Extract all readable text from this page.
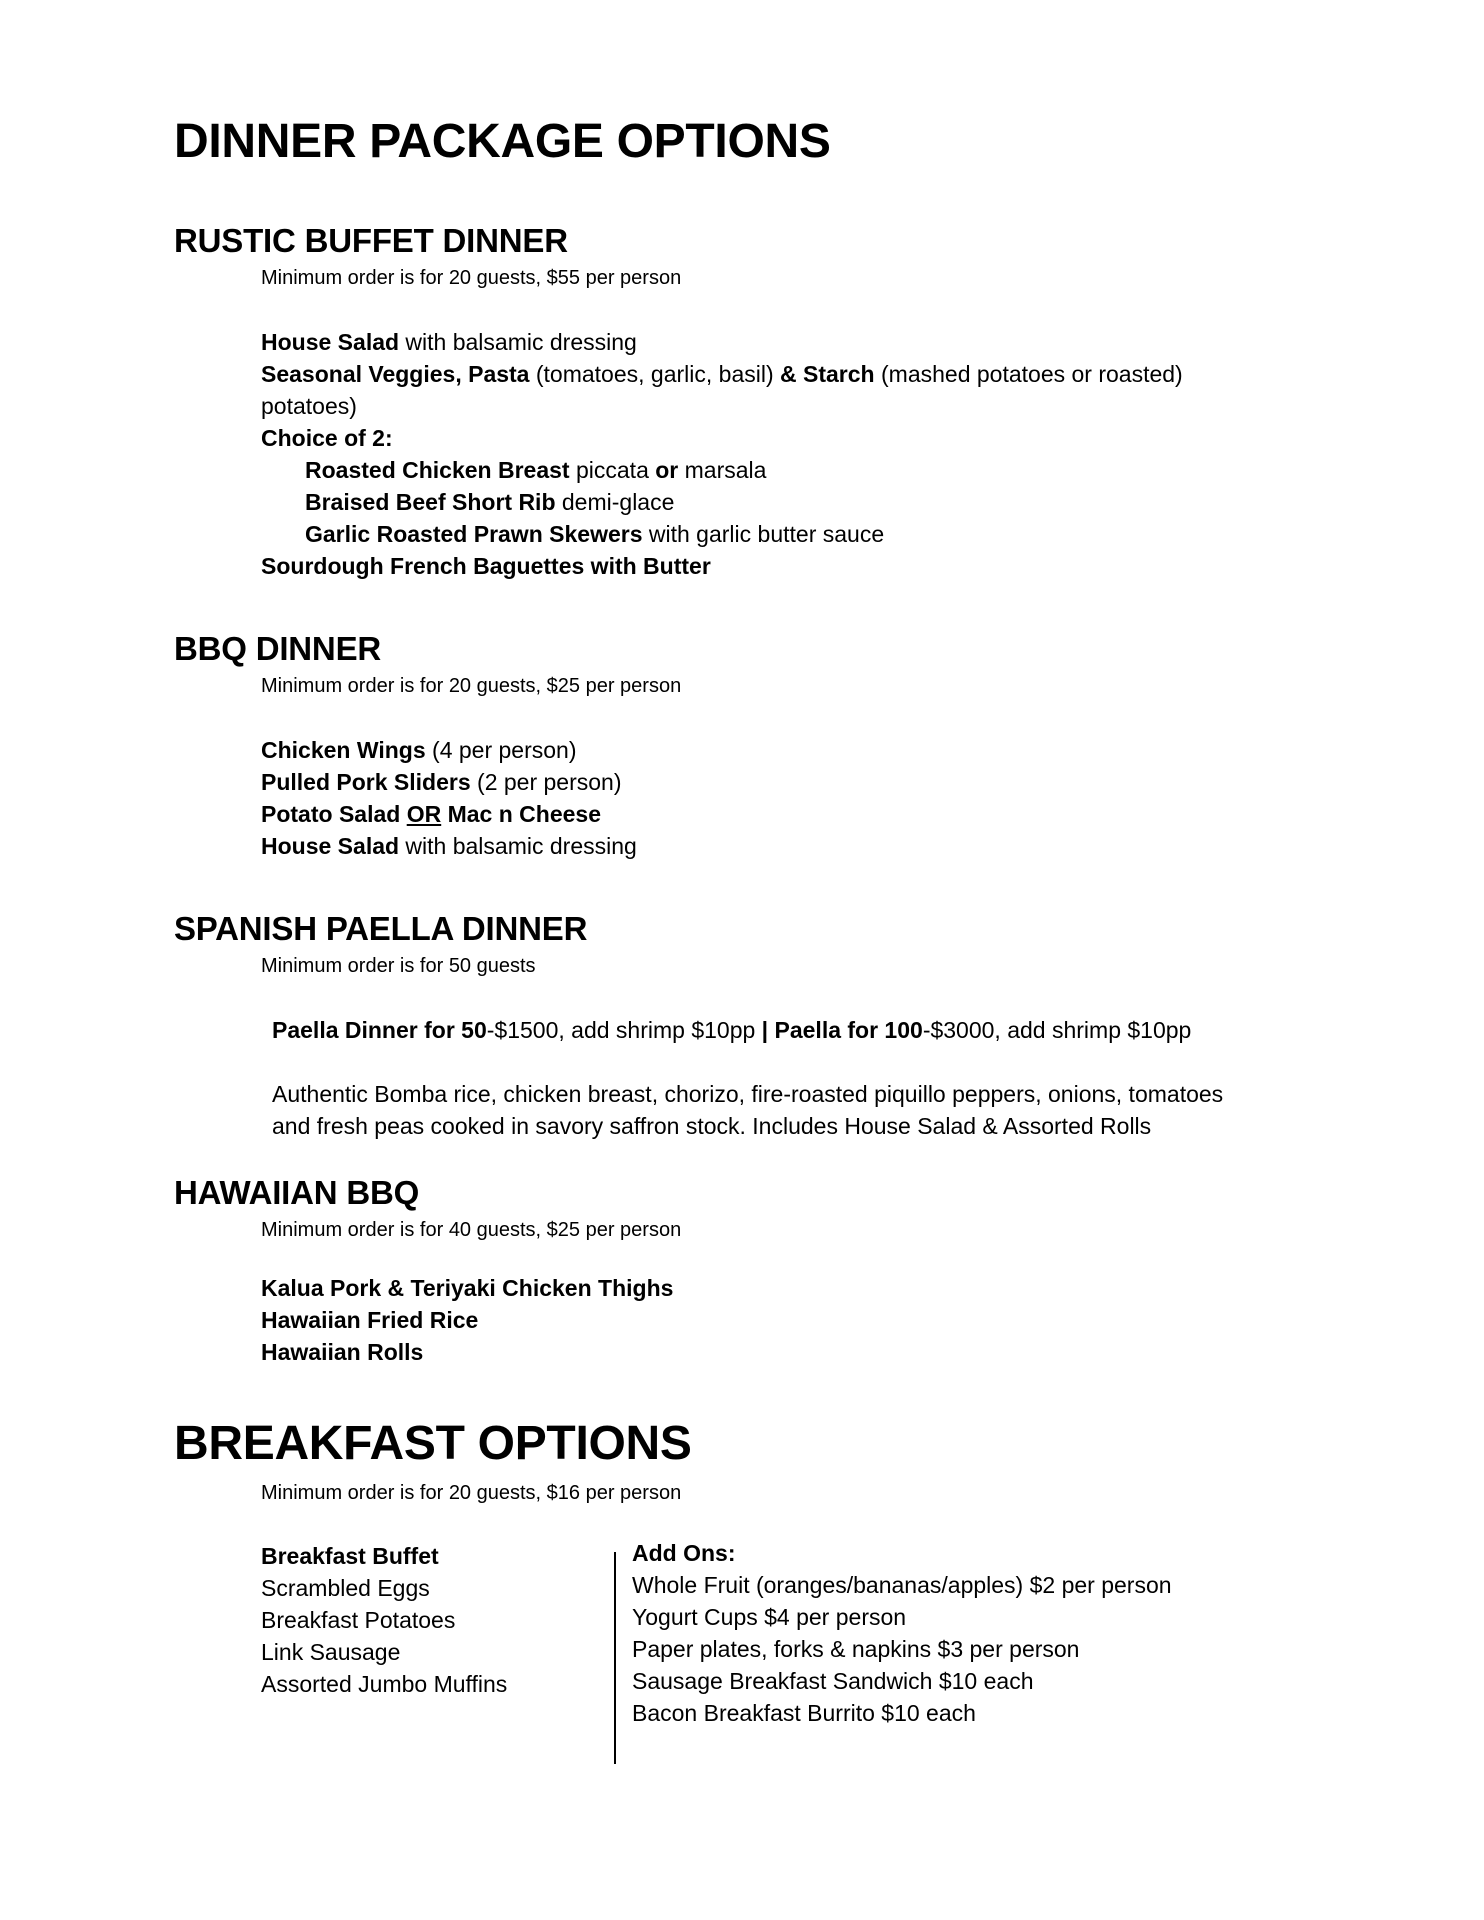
DINNER PACKAGE OPTIONS
RUSTIC BUFFET DINNER
Minimum order is for 20 guests, $55 per person
House Salad with balsamic dressing
Seasonal Veggies, Pasta (tomatoes, garlic, basil) & Starch (mashed potatoes or roasted)
potatoes)
Choice of 2:
Roasted Chicken Breast piccata or marsala
Braised Beef Short Rib demi-glace
Garlic Roasted Prawn Skewers with garlic butter sauce
Sourdough French Baguettes with Butter
BBQ DINNER
Minimum order is for 20 guests, $25 per person
Chicken Wings (4 per person)
Pulled Pork Sliders (2 per person)
Potato Salad OR Mac n Cheese
House Salad with balsamic dressing
SPANISH PAELLA DINNER
Minimum order is for 50 guests
Paella Dinner for 50-$1500, add shrimp $10pp | Paella for 100-$3000, add shrimp $10pp
Authentic Bomba rice, chicken breast, chorizo, fire-roasted piquillo peppers, onions, tomatoes
and fresh peas cooked in savory saffron stock. Includes House Salad & Assorted Rolls
HAWAIIAN BBQ
Minimum order is for 40 guests, $25 per person
Kalua Pork & Teriyaki Chicken Thighs
Hawaiian Fried Rice
Hawaiian Rolls
BREAKFAST OPTIONS
Minimum order is for 20 guests, $16 per person
Breakfast Buffet
Scrambled Eggs
Breakfast Potatoes
Link Sausage
Assorted Jumbo Muffins
Add Ons:
Whole Fruit (oranges/bananas/apples) $2 per person
Yogurt Cups $4 per person
Paper plates, forks & napkins $3 per person
Sausage Breakfast Sandwich $10 each
Bacon Breakfast Burrito $10 each
